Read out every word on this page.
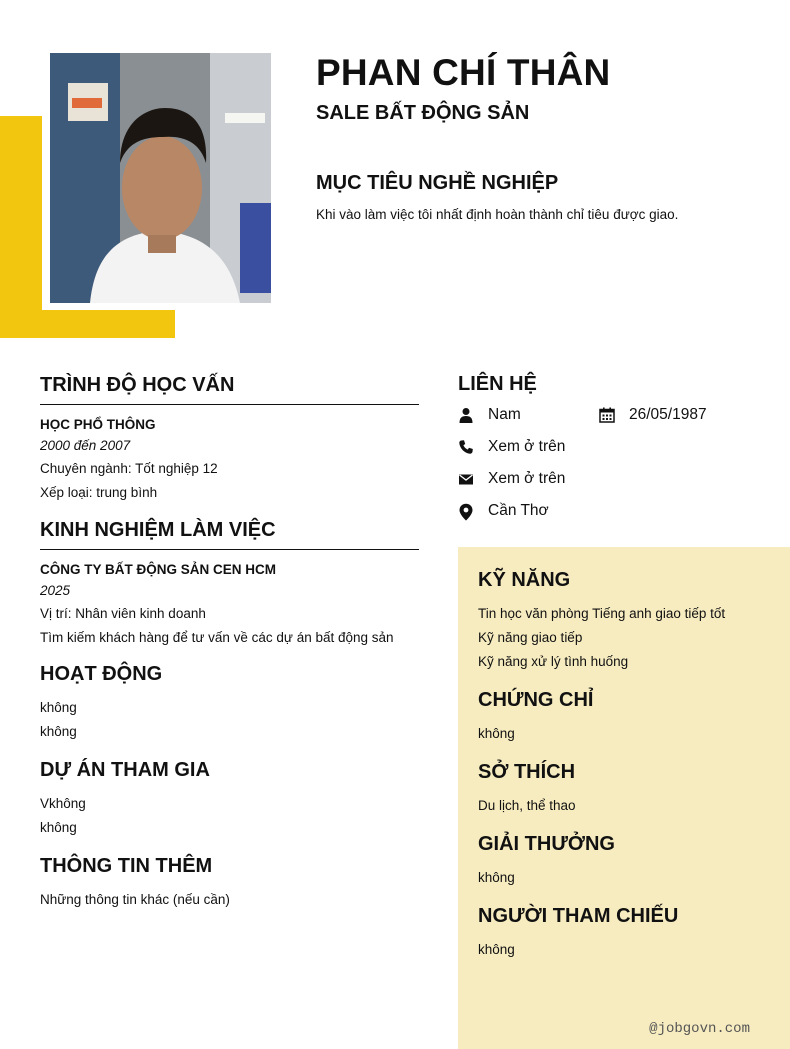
PHAN CHÍ THÂN
SALE BẤT ĐỘNG SẢN
MỤC TIÊU NGHỀ NGHIỆP

Khi vào làm việc tôi nhất định hoàn thành chỉ tiêu được giao.

TRÌNH ĐỘ HỌC VẤN

HỌC PHỔ THÔNG

2000 đến 2007

Chuyên ngành: Tốt nghiệp 12

Xếp loại: trung bình

KINH NGHIỆM LÀM VIỆC

CÔNG TY BẤT ĐỘNG SẢN CEN HCM

2025

Vị trí: Nhân viên kinh doanh

Tìm kiếm khách hàng để tư vấn về các dự án bất động sản

HOẠT ĐỘNG

không

không

DỰ ÁN THAM GIA

Vkhông

không

THÔNG TIN THÊM

Những thông tin khác (nếu cần)

LIÊN HỆ
Nam	26/05/1987
Xem ở trên
Xem ở trên
Cần Thơ
KỸ NĂNG

Tin học văn phòng Tiếng anh giao tiếp tốt

Kỹ năng giao tiếp

Kỹ năng xử lý tình huống

CHỨNG CHỈ

không

SỞ THÍCH

Du lịch, thể thao

GIẢI THƯỞNG

không

NGƯỜI THAM CHIẾU

không

@jobgovn.com
